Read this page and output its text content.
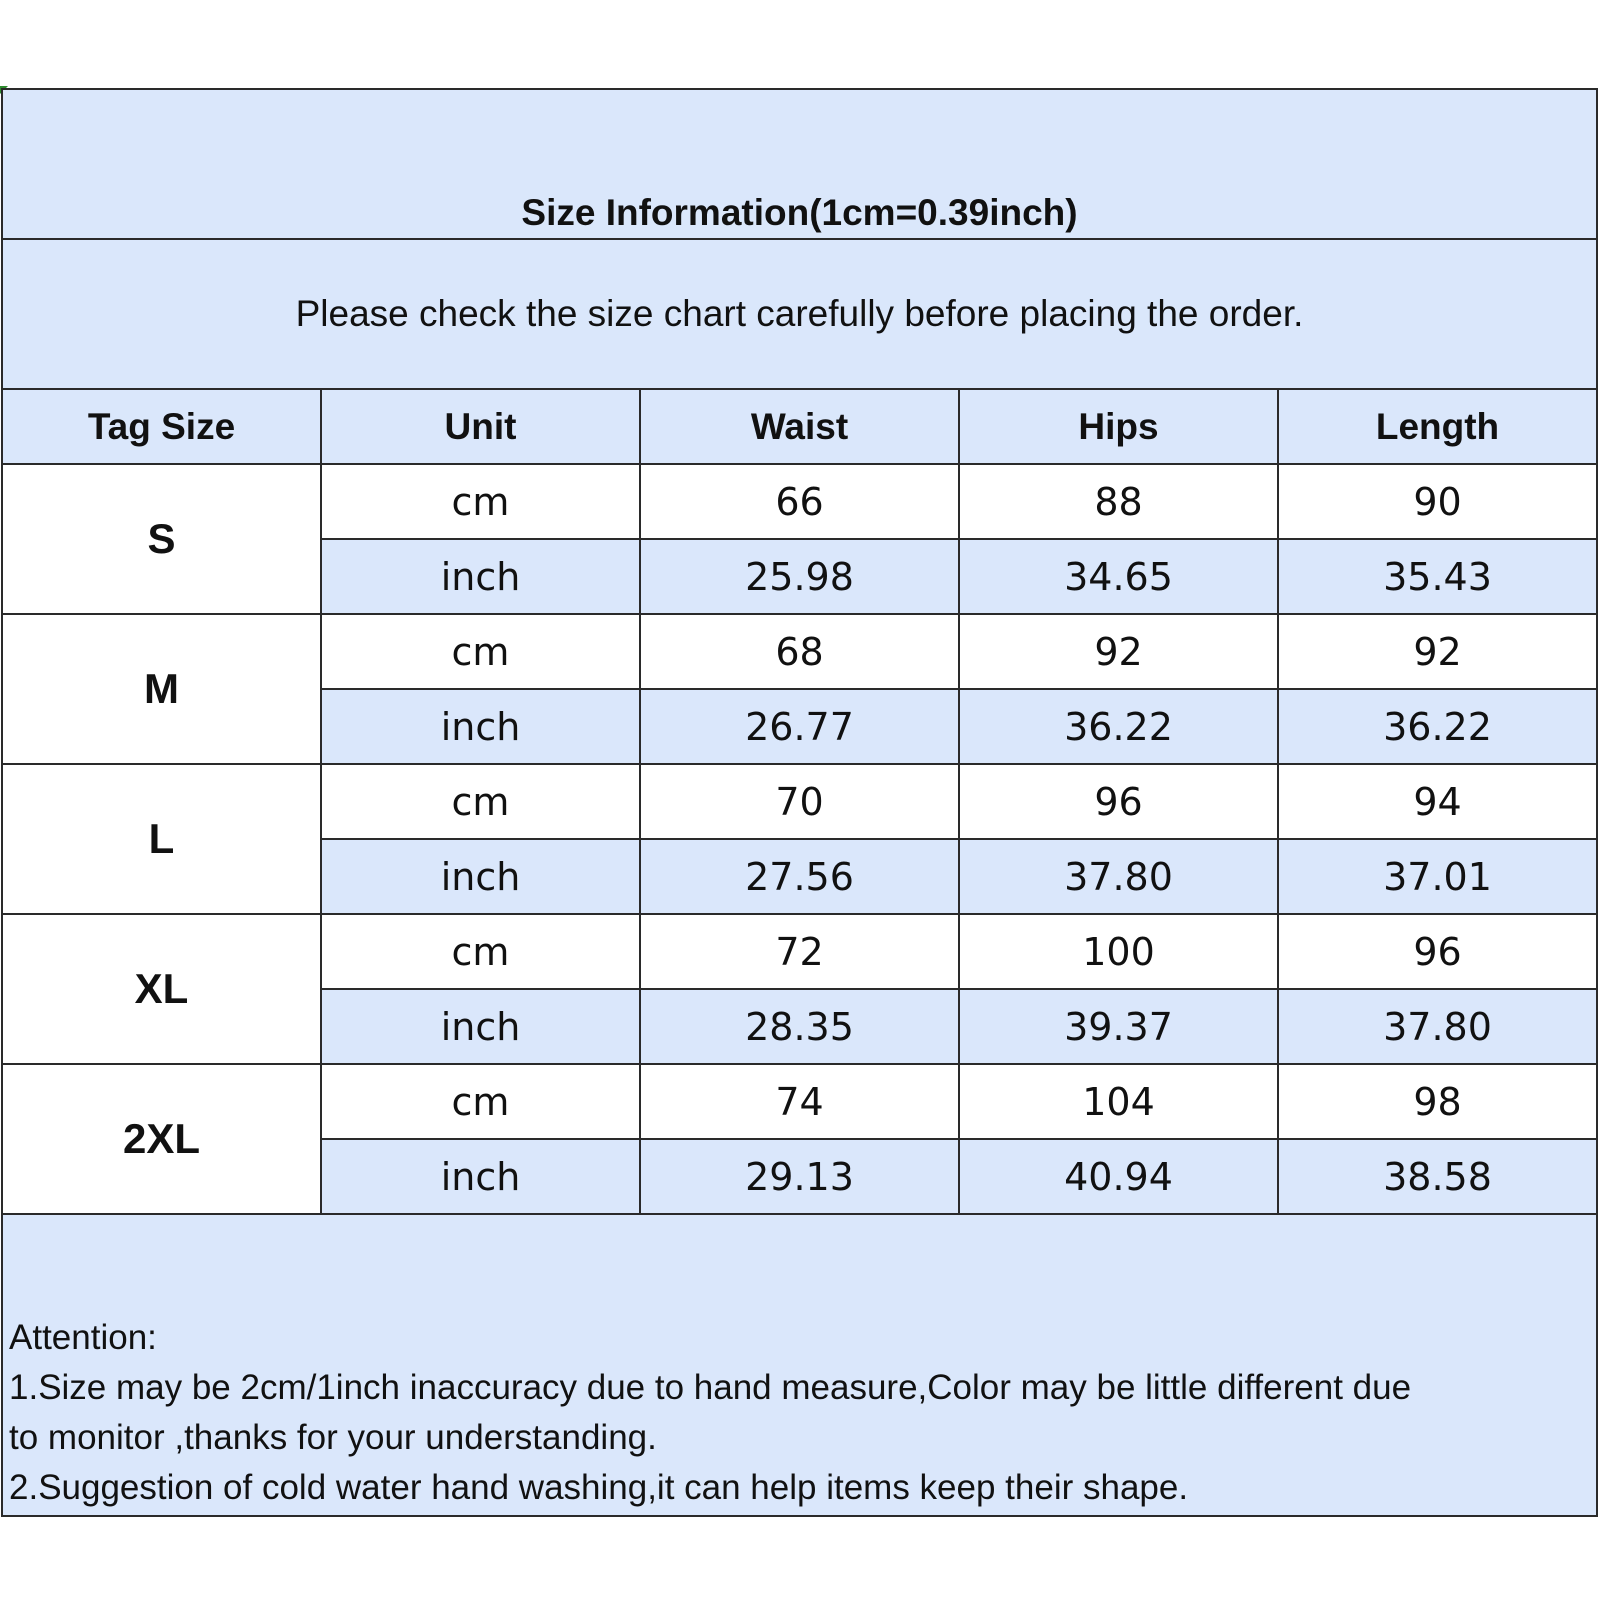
Size Information(1cm=0.39inch)				
Please check the size chart carefully before placing the order.				
Tag Size	Unit	Waist	Hips	Length
S	cm	66	88	90
	inch	25.98	34.65	35.43
M	cm	68	92	92
	inch	26.77	36.22	36.22
L	cm	70	96	94
	inch	27.56	37.80	37.01
XL	cm	72	100	96
	inch	28.35	39.37	37.80
2XL	cm	74	104	98
	inch	29.13	40.94	38.58

Attention:
1.Size may be 2cm/1inch inaccuracy due to hand measure,Color may be little different due
to monitor ,thanks for your understanding.
2.Suggestion of cold water hand washing,it can help items keep their shape.				
